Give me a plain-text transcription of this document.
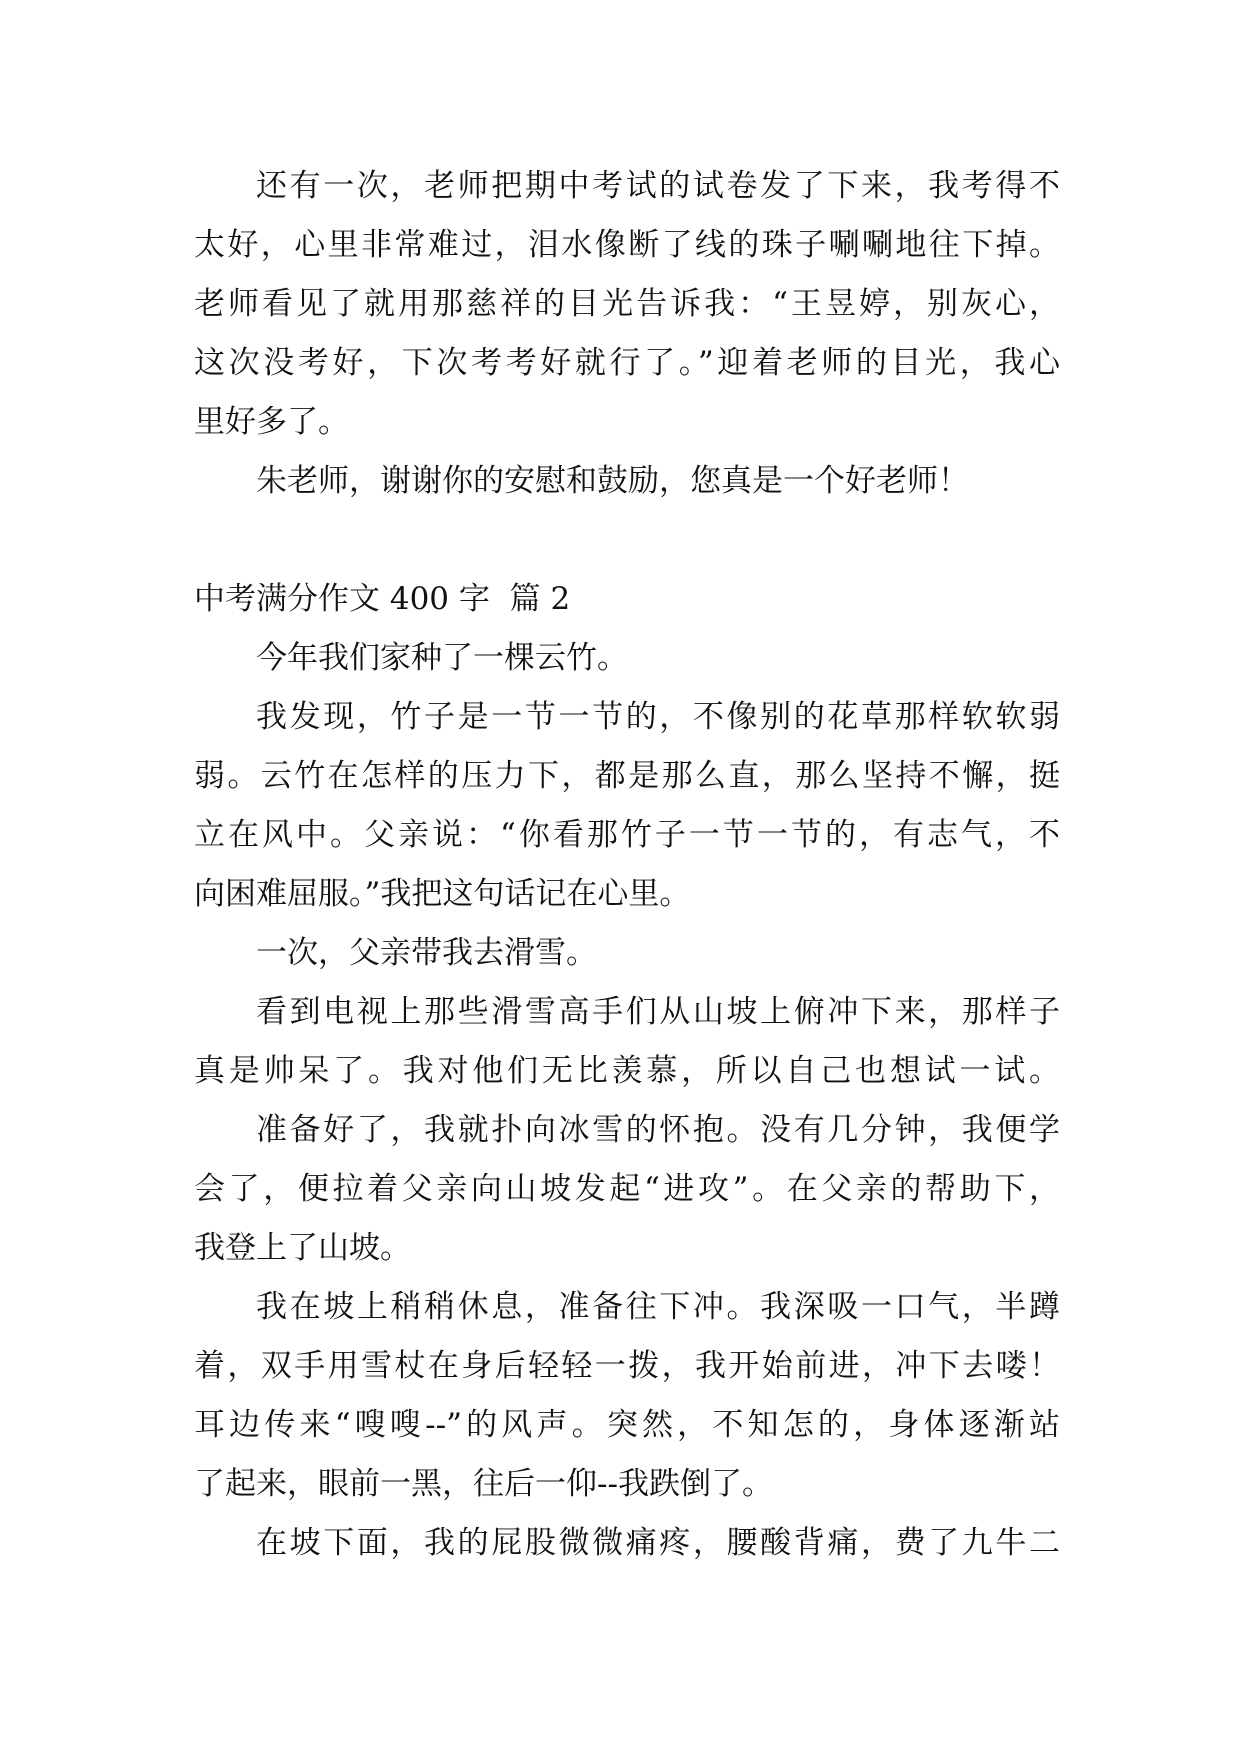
还有一次，老师把期中考试的试卷发了下来，我考得不
太好，心里非常难过，泪水像断了线的珠子唰唰地往下掉。
老师看见了就用那慈祥的目光告诉我：“王昱婷，别灰心，
这次没考好，下次考考好就行了。”迎着老师的目光，我心
里好多了。
朱老师，谢谢你的安慰和鼓励，您真是一个好老师！
中考满分作文 400 字  篇 2
今年我们家种了一棵云竹。
我发现，竹子是一节一节的，不像别的花草那样软软弱
弱。云竹在怎样的压力下，都是那么直，那么坚持不懈，挺
立在风中。父亲说：“你看那竹子一节一节的，有志气，不
向困难屈服。”我把这句话记在心里。
一次，父亲带我去滑雪。
看到电视上那些滑雪高手们从山坡上俯冲下来，那样子
真是帅呆了。我对他们无比羡慕，所以自己也想试一试。
准备好了，我就扑向冰雪的怀抱。没有几分钟，我便学
会了，便拉着父亲向山坡发起“进攻”。在父亲的帮助下，
我登上了山坡。
我在坡上稍稍休息，准备往下冲。我深吸一口气，半蹲
着，双手用雪杖在身后轻轻一拨，我开始前进，冲下去喽！
耳边传来“嗖嗖--”的风声。突然，不知怎的，身体逐渐站
了起来，眼前一黑，往后一仰--我跌倒了。
在坡下面，我的屁股微微痛疼，腰酸背痛，费了九牛二
